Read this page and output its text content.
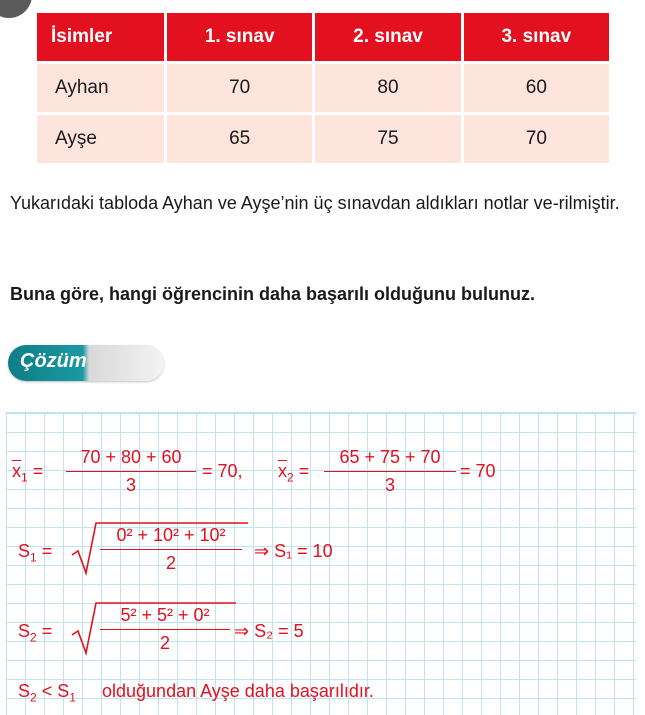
İsimler	1. sınav	2. sınav	3. sınav
Ayhan	70	80	60
Ayşe	65	75	70
Yukarıdaki tabloda Ayhan ve Ayşe’nin üç sınavdan aldıkları notlar ve-rilmiştir.
Buna göre, hangi öğrencinin daha başarılı olduğunu bulunuz.
Çözüm
$\overline{x}_1 = \frac{70 + 80 + 60}{3} = 70$, $\overline{x}_2 = \frac{65 + 75 + 70}{3} = 70$
$S_1$ =	$\frac{\text{0² + 10² + 10²}}{2}$ ⇒ S₁ = 10
$S_2$ =	$\frac{\text{5² + 5² + 0²}}{2}$ ⇒ S₂ = 5
$S_2 < S_1$ olduğundan Ayşe daha başarılıdır.
